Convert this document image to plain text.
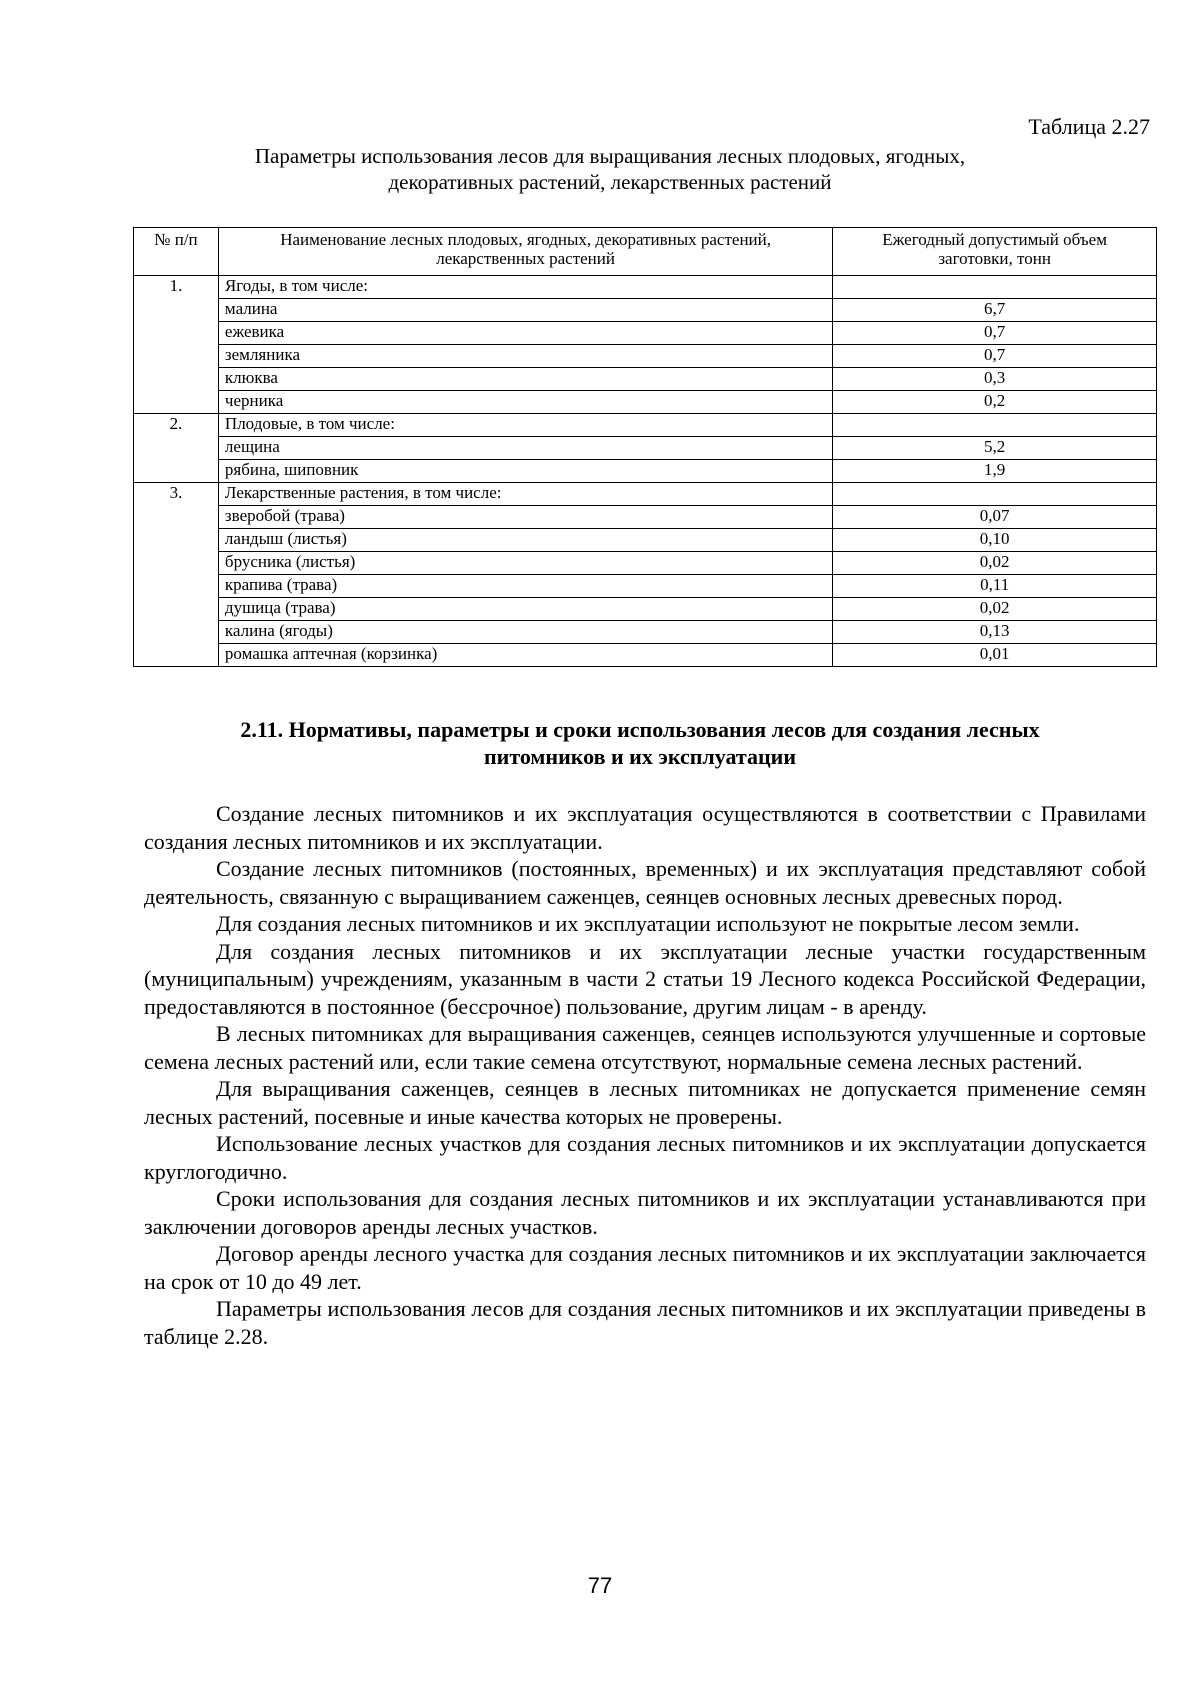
Таблица 2.27
Параметры использования лесов для выращивания лесных плодовых, ягодных,
декоративных растений, лекарственных растений
№ п/п	Наименование лесных плодовых, ягодных, декоративных растений,
лекарственных растений	Ежегодный допустимый объем
заготовки, тонн
1.	Ягоды, в том числе:	
	малина	6,7
	ежевика	0,7
	земляника	0,7
	клюква	0,3
	черника	0,2
2.	Плодовые, в том числе:	
	лещина	5,2
	рябина, шиповник	1,9
3.	Лекарственные растения, в том числе:	
	зверобой (трава)	0,07
	ландыш (листья)	0,10
	брусника (листья)	0,02
	крапива (трава)	0,11
	душица (трава)	0,02
	калина (ягоды)	0,13
	ромашка аптечная (корзинка)	0,01
2.11. Нормативы, параметры и сроки использования лесов для создания лесных
питомников и их эксплуатации

Создание лесных питомников и их эксплуатация осуществляются в соответствии с Правилами создания лесных питомников и их эксплуатации.

Создание лесных питомников (постоянных, временных) и их эксплуатация представляют собой деятельность, связанную с выращиванием саженцев, сеянцев основных лесных древесных пород.

Для создания лесных питомников и их эксплуатации используют не покрытые лесом земли.

Для создания лесных питомников и их эксплуатации лесные участки государственным (муниципальным) учреждениям, указанным в части 2 статьи 19 Лесного кодекса Российской Федерации, предоставляются в постоянное (бессрочное) пользование, другим лицам - в аренду.

В лесных питомниках для выращивания саженцев, сеянцев используются улучшенные и сортовые семена лесных растений или, если такие семена отсутствуют, нормальные семена лесных растений.

Для выращивания саженцев, сеянцев в лесных питомниках не допускается применение семян лесных растений, посевные и иные качества которых не проверены.

Использование лесных участков для создания лесных питомников и их эксплуатации допускается круглогодично.

Сроки использования для создания лесных питомников и их эксплуатации устанавливаются при заключении договоров аренды лесных участков.

Договор аренды лесного участка для создания лесных питомников и их эксплуатации заключается на срок от 10 до 49 лет.

Параметры использования лесов для создания лесных питомников и их эксплуатации приведены в таблице 2.28.

77
